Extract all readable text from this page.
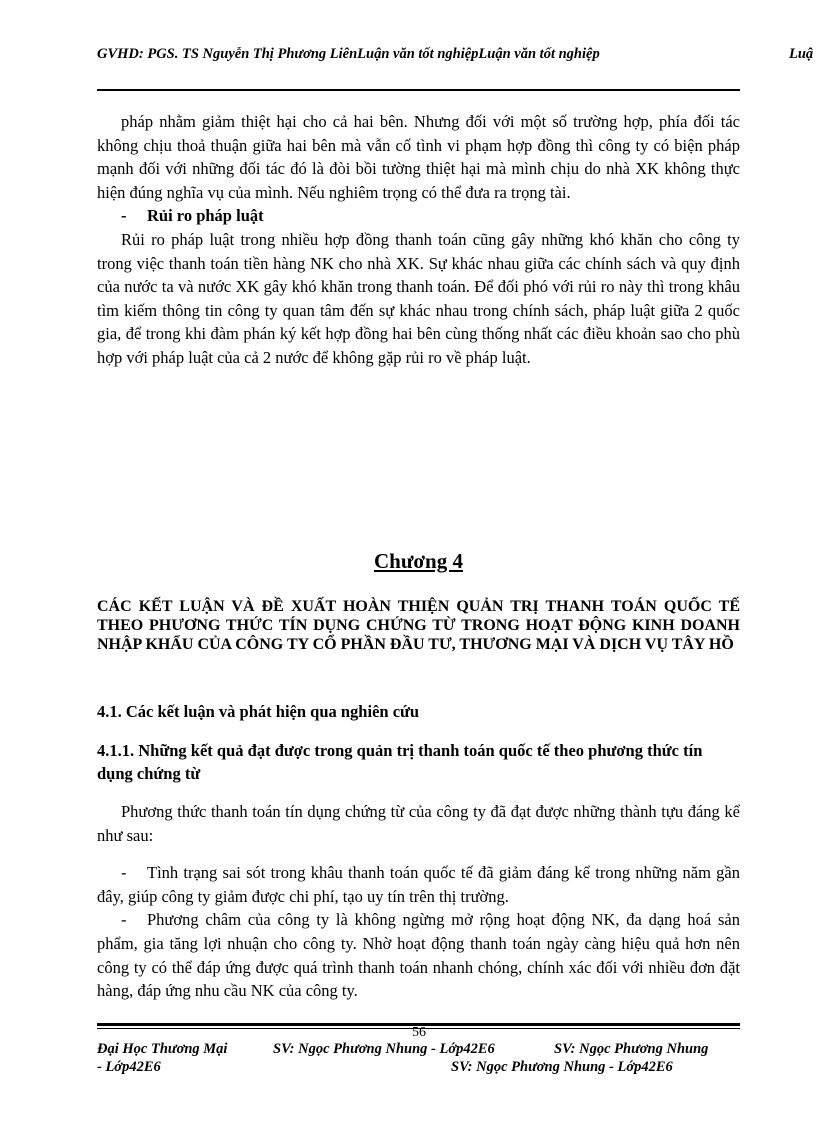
GVHD: PGS. TS Nguyễn Thị Phương LiênLuận văn tốt nghiệpLuận văn tốt nghiệp	Luậ

pháp nhằm giảm thiệt hại cho cả hai bên. Nhưng đối với một số trường hợp, phía đối tác không chịu thoả thuận giữa hai bên mà vẫn cố tình vi phạm hợp đồng thì công ty có biện pháp mạnh đối với những đối tác đó là đòi bồi tường thiệt hại mà mình chịu do nhà XK không thực hiện đúng nghĩa vụ của mình. Nếu nghiêm trọng có thể đưa ra trọng tài.

- Rủi ro pháp luật

Rủi ro pháp luật trong nhiều hợp đồng thanh toán cũng gây những khó khăn cho công ty trong việc thanh toán tiền hàng NK cho nhà XK. Sự khác nhau giữa các chính sách và quy định của nước ta và nước XK gây khó khăn trong thanh toán. Để đối phó với rủi ro này thì trong khâu tìm kiếm thông tin công ty quan tâm đến sự khác nhau trong chính sách, pháp luật giữa 2 quốc gia, để trong khi đàm phán ký kết hợp đồng hai bên cùng thống nhất các điều khoản sao cho phù hợp với pháp luật của cả 2 nước để không gặp rủi ro về pháp luật.

Chương 4
CÁC KẾT LUẬN VÀ ĐỀ XUẤT HOÀN THIỆN QUẢN TRỊ THANH TOÁN QUỐC TẾ THEO PHƯƠNG THỨC TÍN DỤNG CHỨNG TỪ TRONG HOẠT ĐỘNG KINH DOANH NHẬP KHẨU CỦA CÔNG TY CỔ PHẦN ĐẦU TƯ, THƯƠNG MẠI VÀ DỊCH VỤ TÂY HỒ
4.1. Các kết luận và phát hiện qua nghiên cứu
4.1.1. Những kết quả đạt được trong quản trị thanh toán quốc tế theo phương thức tín dụng chứng từ

Phương thức thanh toán tín dụng chứng từ của công ty đã đạt được những thành tựu đáng kể như sau:

- Tình trạng sai sót trong khâu thanh toán quốc tế đã giảm đáng kể trong những năm gần đây, giúp công ty giảm được chi phí, tạo uy tín trên thị trường.

- Phương châm của công ty là không ngừng mở rộng hoạt động NK, đa dạng hoá sản phẩm, gia tăng lợi nhuận cho công ty. Nhờ hoạt động thanh toán ngày càng hiệu quả hơn nên công ty có thể đáp ứng được quá trình thanh toán nhanh chóng, chính xác đối với nhiều đơn đặt hàng, đáp ứng nhu cầu NK của công ty.

56
Đại Học Thương Mại	SV: Ngọc Phương Nhung - Lớp42E6	SV: Ngọc Phương Nhung
- Lớp42E6	SV: Ngọc Phương Nhung - Lớp42E6
